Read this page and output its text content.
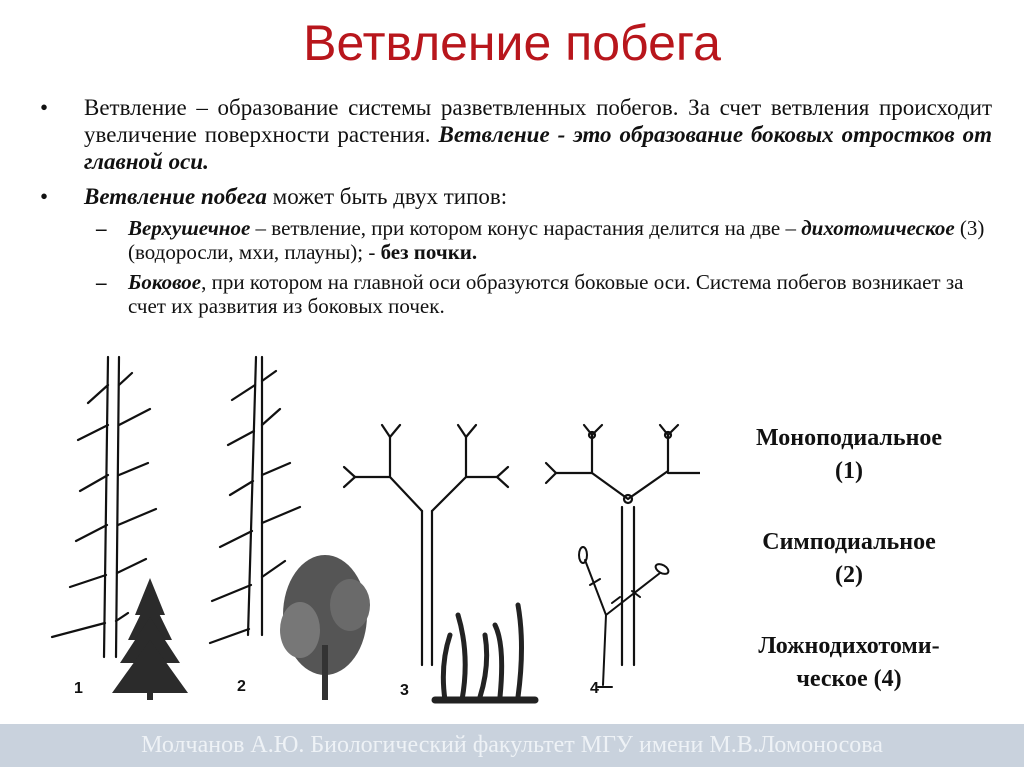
Ветвление побега
• Ветвление – образование системы разветвленных побегов. За счет ветвления происходит увеличение поверхности растения. Ветвление - это образование боковых отростков от главной оси.
• Ветвление побега может быть двух типов:
– Верхушечное – ветвление, при котором конус нарастания делится на две – дихотомическое (3)(водоросли, мхи, плауны); - без почки.
– Боковое, при котором на главной оси образуются боковые оси. Система побегов возникает за счет их развития из боковых почек.
1	2	3	4
Моноподиальное
(1)
Симподиальное
(2)
Ложнодихотоми-
ческое (4)
Молчанов А.Ю. Биологический факультет МГУ имени М.В.Ломоносова
